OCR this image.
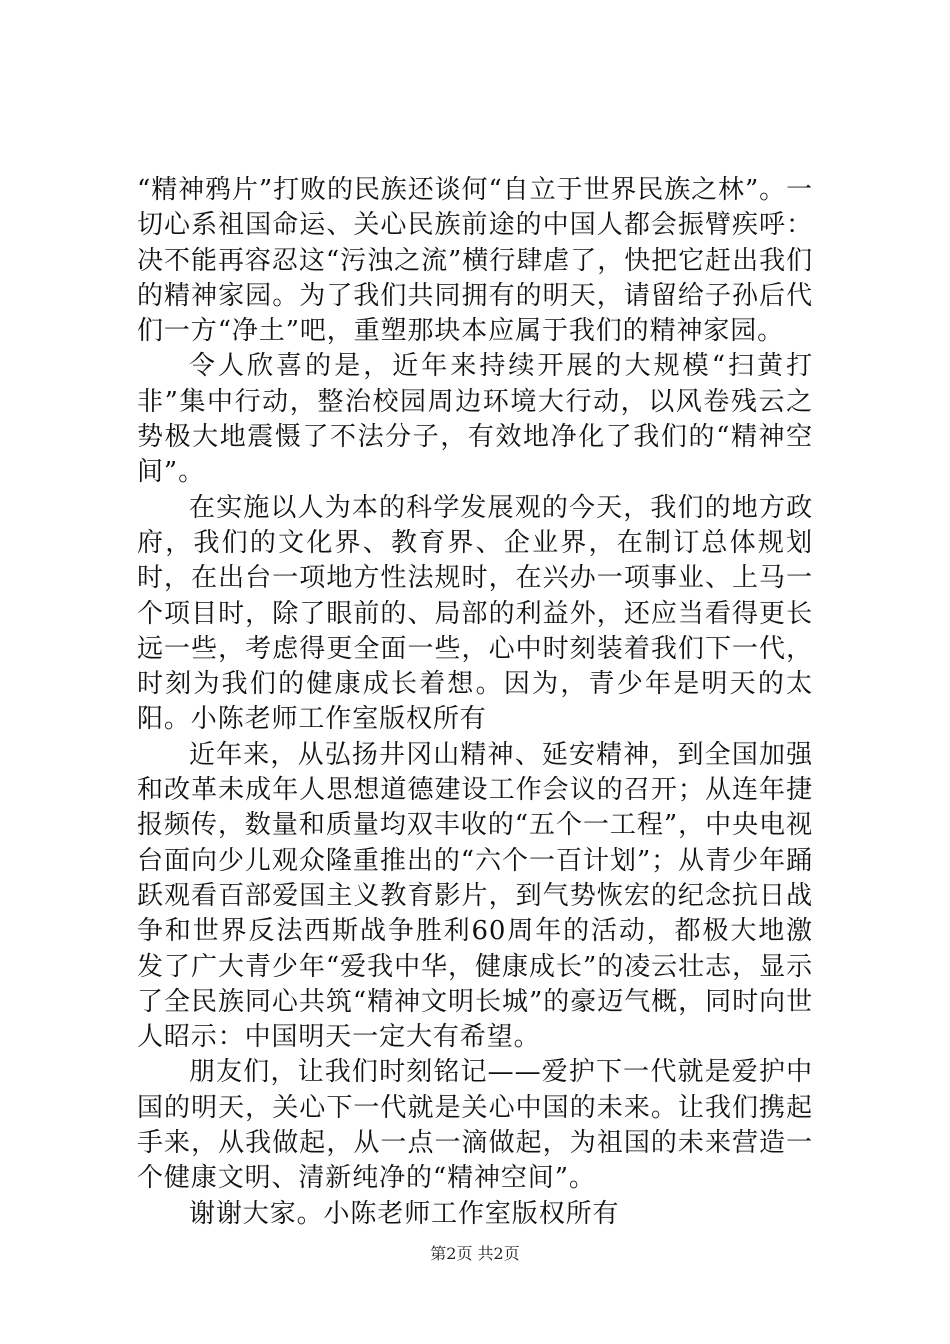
“精神鸦片”打败的民族还谈何“自立于世界民族之林”。一切心系祖国命运、关心民族前途的中国人都会振臂疾呼：决不能再容忍这“污浊之流”横行肆虐了，快把它赶出我们的精神家园。为了我们共同拥有的明天，请留给子孙后代们一方“净土”吧，重塑那块本应属于我们的精神家园。

令人欣喜的是，近年来持续开展的大规模“扫黄打非”集中行动，整治校园周边环境大行动，以风卷残云之势极大地震慑了不法分子，有效地净化了我们的“精神空间”。

在实施以人为本的科学发展观的今天，我们的地方政府，我们的文化界、教育界、企业界，在制订总体规划时，在出台一项地方性法规时，在兴办一项事业、上马一个项目时，除了眼前的、局部的利益外，还应当看得更长远一些，考虑得更全面一些，心中时刻装着我们下一代，时刻为我们的健康成长着想。因为，青少年是明天的太阳。小陈老师工作室版权所有

近年来，从弘扬井冈山精神、延安精神，到全国加强和改革未成年人思想道德建设工作会议的召开；从连年捷报频传，数量和质量均双丰收的“五个一工程”，中央电视台面向少儿观众隆重推出的“六个一百计划”；从青少年踊跃观看百部爱国主义教育影片，到气势恢宏的纪念抗日战争和世界反法西斯战争胜利60周年的活动，都极大地激发了广大青少年“爱我中华，健康成长”的凌云壮志，显示了全民族同心共筑“精神文明长城”的豪迈气概，同时向世人昭示：中国明天一定大有希望。

朋友们，让我们时刻铭记——爱护下一代就是爱护中国的明天，关心下一代就是关心中国的未来。让我们携起手来，从我做起，从一点一滴做起，为祖国的未来营造一个健康文明、清新纯净的“精神空间”。

谢谢大家。小陈老师工作室版权所有

第2页 共2页
